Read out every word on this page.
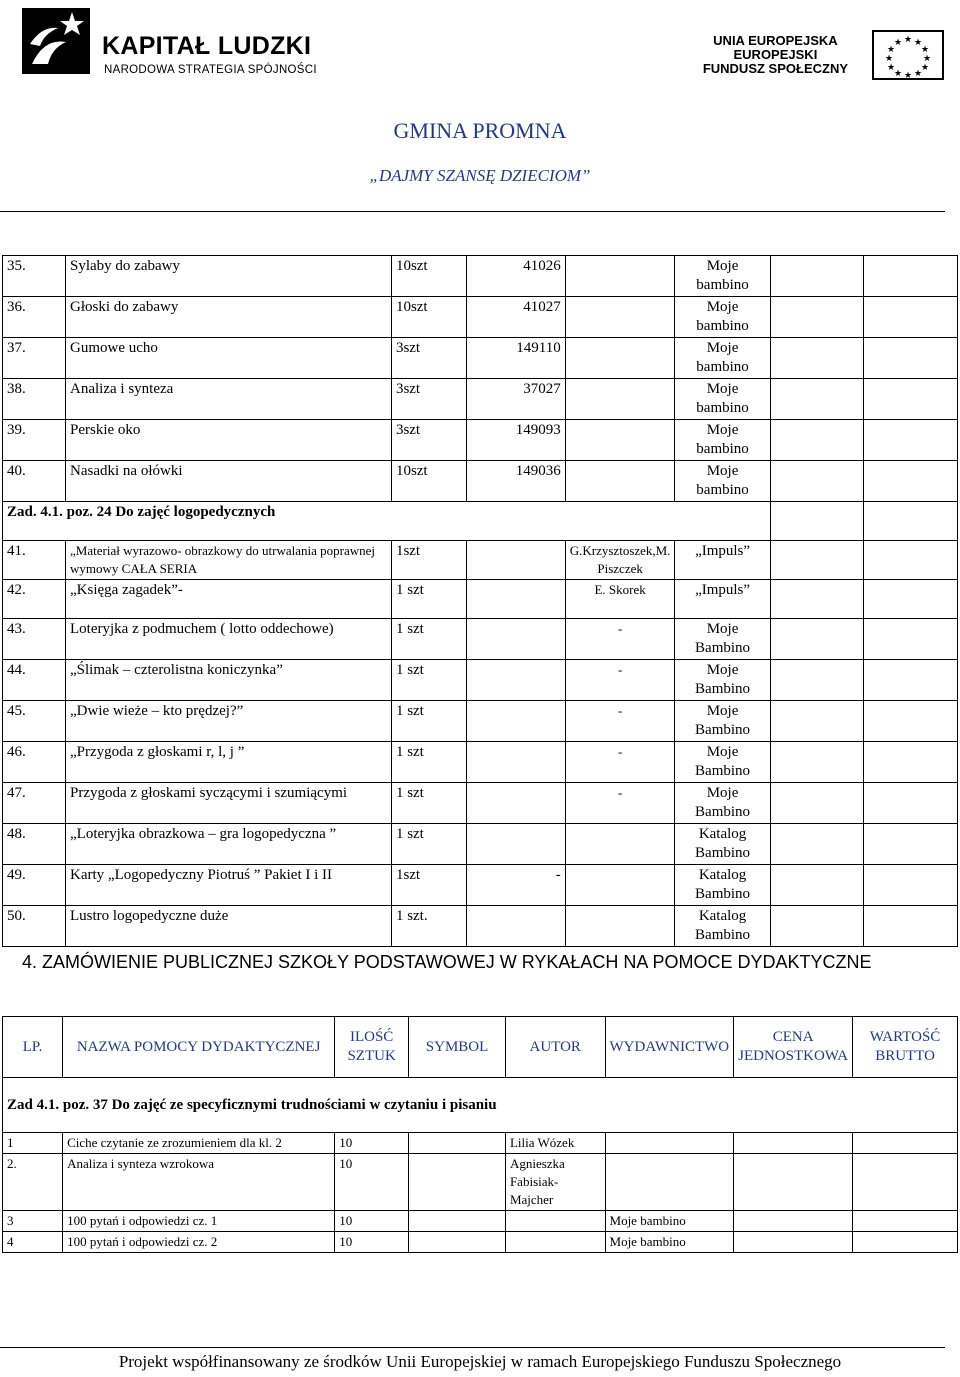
KAPITAŁ LUDZKI
NARODOWA STRATEGIA SPÓJNOŚCI
UNIA EUROPEJSKA
EUROPEJSKI
FUNDUSZ SPOŁECZNY
★ ★
★
★
★
★
★
★
★
★
★
★
GMINA PROMNA
„DAJMY SZANSĘ DZIECIOM”
35.	Sylaby do zabawy	10szt	41026		Moje bambino		
36.	Głoski do zabawy	10szt	41027		Moje bambino		
37.	Gumowe ucho	3szt	149110		Moje bambino		
38.	Analiza i synteza	3szt	37027		Moje bambino		
39.	Perskie oko	3szt	149093		Moje bambino		
40.	Nasadki na ołówki	10szt	149036		Moje bambino		
Zad. 4.1. poz. 24 Do zajęć logopedycznych							
41.	„Materiał wyrazowo- obrazkowy do utrwalania poprawnej wymowy CAŁA SERIA	1szt		G.Krzysztoszek,M. Piszczek	„Impuls”		
42.	„Księga zagadek”-	1 szt		E. Skorek	„Impuls”		
43.	Loteryjka z podmuchem ( lotto oddechowe)	1 szt		-	Moje Bambino		
44.	„Ślimak – czterolistna koniczynka”	1 szt		-	Moje Bambino		
45.	„Dwie wieże – kto prędzej?”	1 szt		-	Moje Bambino		
46.	„Przygoda z głoskami r, l, j ”	1 szt		-	Moje Bambino		
47.	Przygoda z głoskami syczącymi i szumiącymi	1 szt		-	Moje Bambino		
48.	„Loteryjka obrazkowa – gra logopedyczna ”	1 szt			Katalog Bambino		
49.	Karty „Logopedyczny Piotruś ” Pakiet I i II	1szt	-		Katalog Bambino		
50.	Lustro logopedyczne duże	1 szt.			Katalog Bambino		
4. ZAMÓWIENIE PUBLICZNEJ SZKOŁY PODSTAWOWEJ W RYKAŁACH NA POMOCE DYDAKTYCZNE
LP.	NAZWA POMOCY DYDAKTYCZNEJ	ILOŚĆ SZTUK	SYMBOL	AUTOR	WYDAWNICTWO	CENA JEDNOSTKOWA	WARTOŚĆ BRUTTO
Zad 4.1. poz. 37 Do zajęć ze specyficznymi trudnościami w czytaniu i pisaniu							
1	Ciche czytanie ze zrozumieniem dla kl. 2	10		Lilia Wózek			
2.	Analiza i synteza wzrokowa	10		Agnieszka Fabisiak-Majcher			
3	100 pytań i odpowiedzi cz. 1	10			Moje bambino		
4	100 pytań i odpowiedzi cz. 2	10			Moje bambino		
Projekt współfinansowany ze środków Unii Europejskiej w ramach Europejskiego Funduszu Społecznego
